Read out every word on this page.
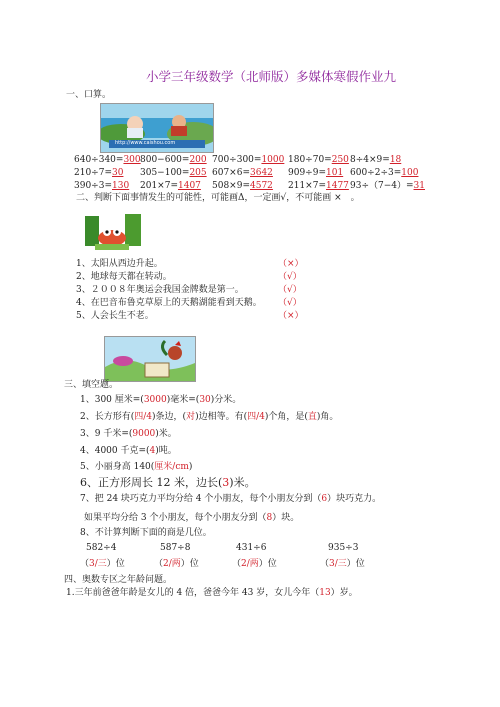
小学三年级数学（北师版）多媒体寒假作业九
一、口算。
http://www.caishou.com
640÷340=300 800−600=200 700÷300=1000 180÷70=250 8÷4×9=18
210÷7=30 305−100=205 607×6=3642 909÷9=101 600÷2÷3=100
390÷3=130 201×7=1407 508×9=4572 211×7=1477 93÷（7−4）=31
二、判断下面事情发生的可能性，可能画Δ，一定画√，不可能画 ×　。
1、太阳从西边升起。	（×）
2、地球每天都在转动。	（√）
3、２００８年奥运会我国金牌数是第一。	（√）
4、在巴音布鲁克草原上的天鹅湖能看到天鹅。 （√）
5、人会长生不老。	（×）
三、填空题。
1、300 厘米=(3000)毫米=(30)分米。
2、长方形有(四/4)条边，(对)边相等。有(四/4)个角，是(直)角。
3、9 千米=(9000)米。
4、4000 千克=(4)吨。
5、小丽身高 140(厘米/cm)
6、正方形周长 12 米，边长(3)米。
7、把 24 块巧克力平均分给 4 个小朋友，每个小朋友分到（6）块巧克力。
如果平均分给 3 个小朋友，每个小朋友分到（8）块。
8、不计算判断下面的商是几位。
582÷4	587÷8	431÷6	935÷3
（3/三）位	（2/两）位	（2/两）位	（3/三）位
四、奥数专区之年龄问题。
1.三年前爸爸年龄是女儿的 4 倍，爸爸今年 43 岁，女儿今年（13）岁。
